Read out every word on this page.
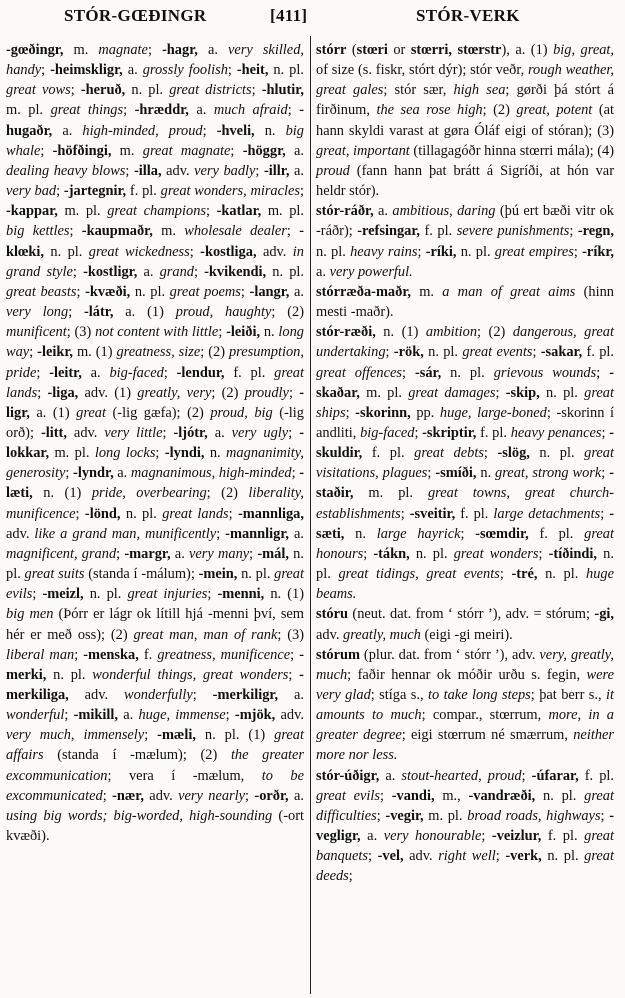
STÓR-GŒÐINGR	[411]	STÓR-VERK

-gœðingr, m. magnate; -hagr, a. very skilled, handy; -heimskligr, a. grossly foolish; -heit, n. pl. great vows; -heruð, n. pl. great districts; -hlutir, m. pl. great things; -hræddr, a. much afraid; -hugaðr, a. high-minded, proud; -hveli, n. big whale; -höfðingi, m. great magnate; -höggr, a. dealing heavy blows; -illa, adv. very badly; -illr, a. very bad; -jartegnir, f. pl. great wonders, miracles; -kappar, m. pl. great champions; -katlar, m. pl. big kettles; -kaupmaðr, m. wholesale dealer; -klœki, n. pl. great wickedness; -kostliga, adv. in grand style; -kostligr, a. grand; -kvikendi, n. pl. great beasts; -kvæði, n. pl. great poems; -langr, a. very long; -látr, a. (1) proud, haughty; (2) munificent; (3) not content with little; -leiði, n. long way; -leikr, m. (1) greatness, size; (2) presumption, pride; -leitr, a. big-faced; -lendur, f. pl. great lands; -liga, adv. (1) greatly, very; (2) proudly; -ligr, a. (1) great (-lig gæfa); (2) proud, big (-lig orð); -litt, adv. very little; -ljótr, a. very ugly; -lokkar, m. pl. long locks; -lyndi, n. magnanimity, generosity; -lyndr, a. magnanimous, high-minded; -læti, n. (1) pride, overbearing; (2) liberality, munificence; -lönd, n. pl. great lands; -mannliga, adv. like a grand man, munificently; -mannligr, a. magnificent, grand; -margr, a. very many; -mál, n. pl. great suits (standa í -málum); -mein, n. pl. great evils; -meizl, n. pl. great injuries; -menni, n. (1) big men (Þórr er lágr ok lítill hjá -menni því, sem hér er með oss); (2) great man, man of rank; (3) liberal man; -menska, f. greatness, munificence; -merki, n. pl. wonderful things, great wonders; -merkiliga, adv. wonderfully; -merkiligr, a. wonderful; -mikill, a. huge, immense; -mjök, adv. very much, immensely; -mæli, n. pl. (1) great affairs (standa í -mælum); (2) the greater excommunication; vera í -mælum, to be excommunicated; -nær, adv. very nearly; -orðr, a. using big words; big-worded, high-sounding (-ort kvæði).

stórr (stœri or stœrri, stœrstr), a. (1) big, great, of size (s. fiskr, stórt dýr); stór veðr, rough weather, great gales; stór sær, high sea; gørði þá stórt á firðinum, the sea rose high; (2) great, potent (at hann skyldi varast at gøra Óláf eigi of stóran); (3) great, important (tillagagóðr hinna stœrri mála); (4) proud (fann hann þat brátt á Sigríði, at hón var heldr stór).

stór-ráðr, a. ambitious, daring (þú ert bæði vitr ok -ráðr); -refsingar, f. pl. severe punishments; -regn, n. pl. heavy rains; -ríki, n. pl. great empires; -ríkr, a. very powerful.

stórræða-maðr, m. a man of great aims (hinn mesti -maðr).

stór-ræði, n. (1) ambition; (2) dangerous, great undertaking; -rök, n. pl. great events; -sakar, f. pl. great offences; -sár, n. pl. grievous wounds; -skaðar, m. pl. great damages; -skip, n. pl. great ships; -skorinn, pp. huge, large-boned; -skorinn í andliti, big-faced; -skriptir, f. pl. heavy penances; -skuldir, f. pl. great debts; -slög, n. pl. great visitations, plagues; -smíði, n. great, strong work; -staðir, m. pl. great towns, great church-establishments; -sveitir, f. pl. large detachments; -sæti, n. large hayrick; -sœmdir, f. pl. great honours; -tákn, n. pl. great wonders; -tíðindi, n. pl. great tidings, great events; -tré, n. pl. huge beams.

stóru (neut. dat. from ‘ stórr ’), adv. = stórum; -gi, adv. greatly, much (eigi -gi meiri).

stórum (plur. dat. from ‘ stórr ’), adv. very, greatly, much; faðir hennar ok móðir urðu s. fegin, were very glad; stíga s., to take long steps; þat berr s., it amounts to much; compar., stœrrum, more, in a greater degree; eigi stœrrum né smærrum, neither more nor less.

stór-úðigr, a. stout-hearted, proud; -úfarar, f. pl. great evils; -vandi, m., -vandræði, n. pl. great difficulties; -vegir, m. pl. broad roads, highways; -vegligr, a. very honourable; -veizlur, f. pl. great banquets; -vel, adv. right well; -verk, n. pl. great deeds;
